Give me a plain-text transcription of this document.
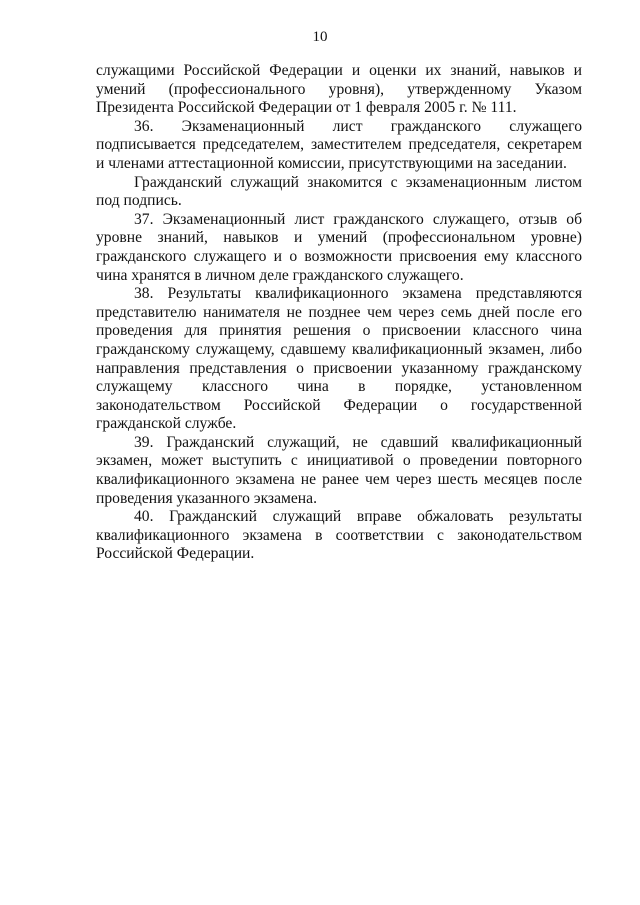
10

служащими Российской Федерации и оценки их знаний, навыков и умений (профессионального уровня), утвержденному Указом Президента Российской Федерации от 1 февраля 2005 г. № 111.

36. Экзаменационный лист гражданского служащего подписывается председателем, заместителем председателя, секретарем и членами аттестационной комиссии, присутствующими на заседании.

Гражданский служащий знакомится с экзаменационным листом под подпись.

37. Экзаменационный лист гражданского служащего, отзыв об уровне знаний, навыков и умений (профессиональном уровне) гражданского служащего и о возможности присвоения ему классного чина хранятся в личном деле гражданского служащего.

38. Результаты квалификационного экзамена представляются представителю нанимателя не позднее чем через семь дней после его проведения для принятия решения о присвоении классного чина гражданскому служащему, сдавшему квалификационный экзамен, либо направления представления о присвоении указанному гражданскому служащему классного чина в порядке, установленном законодательством Российской Федерации о государственной гражданской службе.

39. Гражданский служащий, не сдавший квалификационный экзамен, может выступить с инициативой о проведении повторного квалификационного экзамена не ранее чем через шесть месяцев после проведения указанного экзамена.

40. Гражданский служащий вправе обжаловать результаты квалификационного экзамена в соответствии с законодательством Российской Федерации.
